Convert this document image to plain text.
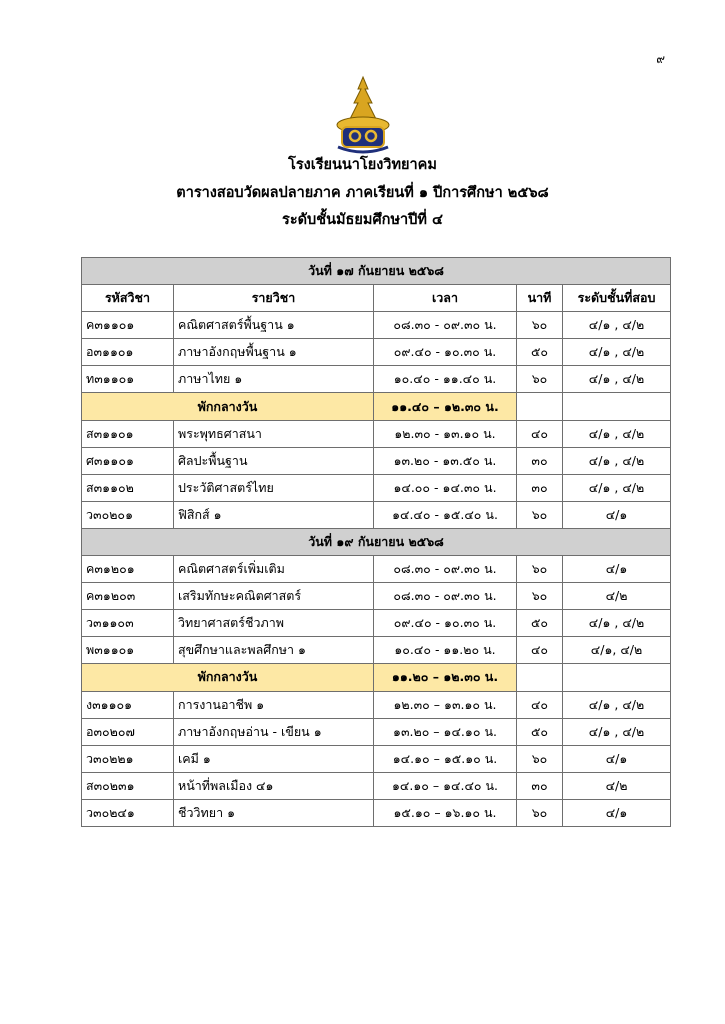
๙
โรงเรียนนาโยงวิทยาคม
ตารางสอบวัดผลปลายภาค ภาคเรียนที่ ๑ ปีการศึกษา ๒๕๖๘
ระดับชั้นมัธยมศึกษาปีที่ ๔
วันที่ ๑๗ กันยายน ๒๕๖๘				
รหัสวิชา	รายวิชา	เวลา	นาที	ระดับชั้นที่สอบ
ค๓๑๑๐๑	คณิตศาสตร์พื้นฐาน ๑	๐๘.๓๐ - ๐๙.๓๐ น.	๖๐	๔/๑ , ๔/๒
อ๓๑๑๐๑	ภาษาอังกฤษพื้นฐาน ๑	๐๙.๔๐ - ๑๐.๓๐ น.	๕๐	๔/๑ , ๔/๒
ท๓๑๑๐๑	ภาษาไทย ๑	๑๐.๔๐ - ๑๑.๔๐ น.	๖๐	๔/๑ , ๔/๒
พักกลางวัน		๑๑.๔๐ – ๑๒.๓๐ น.		
ส๓๑๑๐๑	พระพุทธศาสนา	๑๒.๓๐ - ๑๓.๑๐ น.	๔๐	๔/๑ , ๔/๒
ศ๓๑๑๐๑	ศิลปะพื้นฐาน	๑๓.๒๐ - ๑๓.๕๐ น.	๓๐	๔/๑ , ๔/๒
ส๓๑๑๐๒	ประวัติศาสตร์ไทย	๑๔.๐๐ - ๑๔.๓๐ น.	๓๐	๔/๑ , ๔/๒
ว๓๐๒๐๑	ฟิสิกส์ ๑	๑๔.๔๐ - ๑๕.๔๐ น.	๖๐	๔/๑
วันที่ ๑๙ กันยายน ๒๕๖๘				
ค๓๑๒๐๑	คณิตศาสตร์เพิ่มเติม	๐๘.๓๐ - ๐๙.๓๐ น.	๖๐	๔/๑
ค๓๑๒๐๓	เสริมทักษะคณิตศาสตร์	๐๘.๓๐ - ๐๙.๓๐ น.	๖๐	๔/๒
ว๓๑๑๐๓	วิทยาศาสตร์ชีวภาพ	๐๙.๔๐ - ๑๐.๓๐ น.	๕๐	๔/๑ , ๔/๒
พ๓๑๑๐๑	สุขศึกษาและพลศึกษา ๑	๑๐.๔๐ - ๑๑.๒๐ น.	๔๐	๔/๑, ๔/๒
พักกลางวัน		๑๑.๒๐ – ๑๒.๓๐ น.		
ง๓๑๑๐๑	การงานอาชีพ ๑	๑๒.๓๐ – ๑๓.๑๐ น.	๔๐	๔/๑ , ๔/๒
อ๓๐๒๐๗	ภาษาอังกฤษอ่าน - เขียน ๑	๑๓.๒๐ – ๑๔.๑๐ น.	๕๐	๔/๑ , ๔/๒
ว๓๐๒๒๑	เคมี ๑	๑๔.๑๐ – ๑๕.๑๐ น.	๖๐	๔/๑
ส๓๐๒๓๑	หน้าที่พลเมือง ๔๑	๑๔.๑๐ – ๑๔.๔๐ น.	๓๐	๔/๒
ว๓๐๒๔๑	ชีววิทยา ๑	๑๕.๑๐ – ๑๖.๑๐ น.	๖๐	๔/๑
